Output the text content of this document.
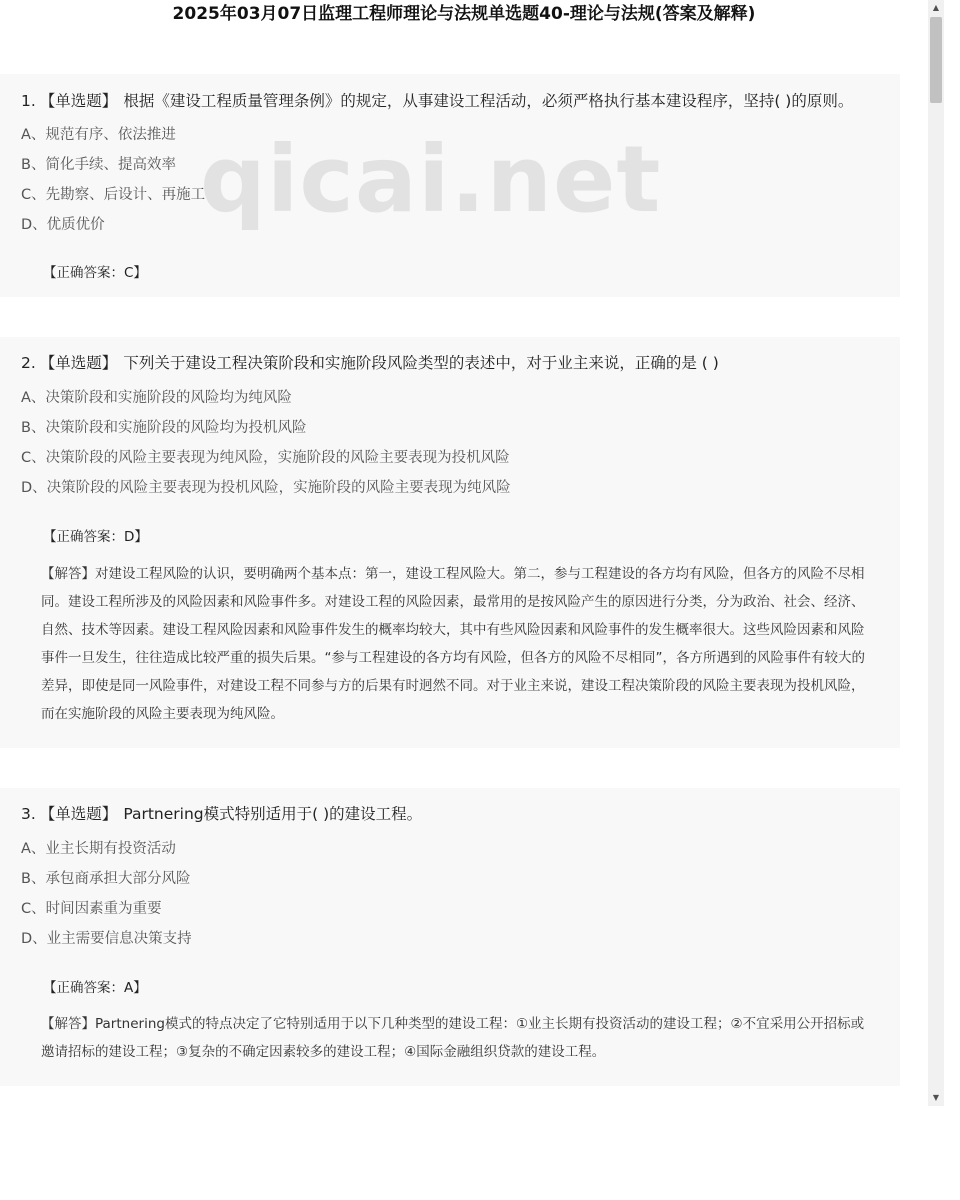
2025年03月07日监理工程师理论与法规单选题40-理论与法规(答案及解释)
1. 【单选题】 根据《建设工程质量管理条例》的规定，从事建设工程活动，必须严格执行基本建设程序，坚持( )的原则。
A、规范有序、依法推进
B、简化手续、提高效率
C、先勘察、后设计、再施工
D、优质优价
【正确答案：C】
2. 【单选题】 下列关于建设工程决策阶段和实施阶段风险类型的表述中，对于业主来说，正确的是 ( )
A、决策阶段和实施阶段的风险均为纯风险
B、决策阶段和实施阶段的风险均为投机风险
C、决策阶段的风险主要表现为纯风险，实施阶段的风险主要表现为投机风险
D、决策阶段的风险主要表现为投机风险，实施阶段的风险主要表现为纯风险
【正确答案：D】

【解答】对建设工程风险的认识，要明确两个基本点：第一，建设工程风险大。第二，参与工程建设的各方均有风险，但各方的风险不尽相同。建设工程所涉及的风险因素和风险事件多。对建设工程的风险因素，最常用的是按风险产生的原因进行分类，分为政治、社会、经济、自然、技术等因素。建设工程风险因素和风险事件发生的概率均较大，其中有些风险因素和风险事件的发生概率很大。这些风险因素和风险事件一旦发生，往往造成比较严重的损失后果。“参与工程建设的各方均有风险，但各方的风险不尽相同”，各方所遇到的风险事件有较大的差异，即使是同一风险事件，对建设工程不同参与方的后果有时迥然不同。对于业主来说，建设工程决策阶段的风险主要表现为投机风险，而在实施阶段的风险主要表现为纯风险。

3. 【单选题】 Partnering模式特别适用于( )的建设工程。
A、业主长期有投资活动
B、承包商承担大部分风险
C、时间因素重为重要
D、业主需要信息决策支持
【正确答案：A】

【解答】Partnering模式的特点决定了它特别适用于以下几种类型的建设工程：①业主长期有投资活动的建设工程；②不宜采用公开招标或邀请招标的建设工程；③复杂的不确定因素较多的建设工程；④国际金融组织贷款的建设工程。

qicai.net
▲
▼
